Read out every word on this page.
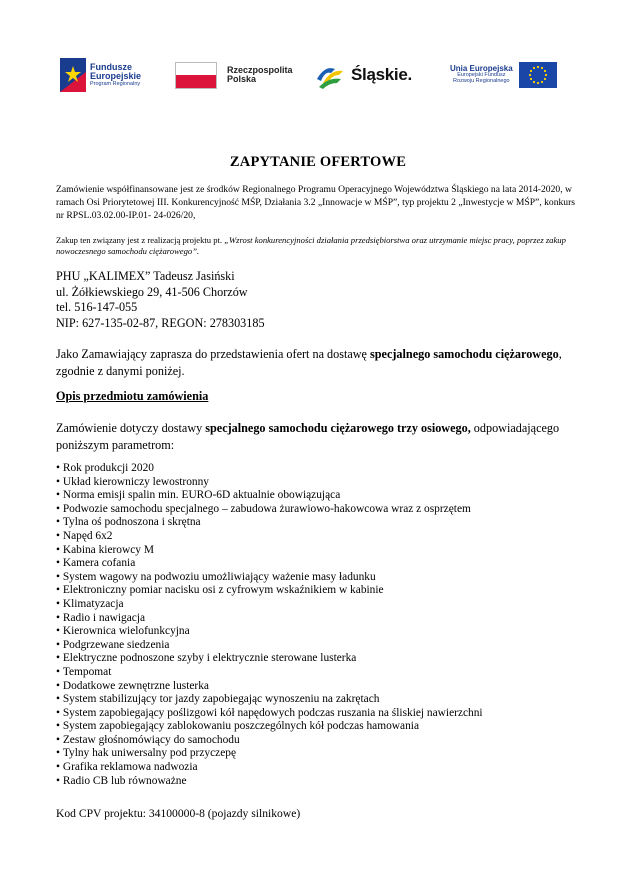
Fundusze
Europejskie
Program Regionalny
Rzeczpospolita
Polska	Śląskie.	Unia Europejska
Europejski Fundusz
Rozwoju Regionalnego
ZAPYTANIE OFERTOWE
Zamówienie współfinansowane jest ze środków Regionalnego Programu Operacyjnego Województwa Śląskiego na lata 2014-2020, w ramach Osi Priorytetowej III. Konkurencyjność MŚP, Działania 3.2 „Innowacje w MŚP”, typ projektu 2 „Inwestycje w MŚP”, konkurs nr RPSL.03.02.00-IP.01- 24-026/20,
Zakup ten związany jest z realizacją projektu pt. „Wzrost konkurencyjności działania przedsiębiorstwa oraz utrzymanie miejsc pracy, poprzez zakup nowoczesnego samochodu ciężarowego”.
PHU „KALIMEX” Tadeusz Jasiński
ul. Żółkiewskiego 29, 41-506 Chorzów
tel. 516-147-055
NIP: 627-135-02-87, REGON: 278303185
Jako Zamawiający zaprasza do przedstawienia ofert na dostawę specjalnego samochodu ciężarowego, zgodnie z danymi poniżej.
Opis przedmiotu zamówienia
Zamówienie dotyczy dostawy specjalnego samochodu ciężarowego trzy osiowego, odpowiadającego poniższym parametrom:
• Rok produkcji 2020
• Układ kierowniczy lewostronny
• Norma emisji spalin min. EURO-6D aktualnie obowiązująca
• Podwozie samochodu specjalnego – zabudowa żurawiowo-hakowcowa wraz z osprzętem
• Tylna oś podnoszona i skrętna
• Napęd 6x2
• Kabina kierowcy M
• Kamera cofania
• System wagowy na podwoziu umożliwiający ważenie masy ładunku
• Elektroniczny pomiar nacisku osi z cyfrowym wskaźnikiem w kabinie
• Klimatyzacja
• Radio i nawigacja
• Kierownica wielofunkcyjna
• Podgrzewane siedzenia
• Elektryczne podnoszone szyby i elektrycznie sterowane lusterka
• Tempomat
• Dodatkowe zewnętrzne lusterka
• System stabilizujący tor jazdy zapobiegając wynoszeniu na zakrętach
• System zapobiegający poślizgowi kół napędowych podczas ruszania na śliskiej nawierzchni
• System zapobiegający zablokowaniu poszczególnych kół podczas hamowania
• Zestaw głośnomówiący do samochodu
• Tylny hak uniwersalny pod przyczepę
• Grafika reklamowa nadwozia
• Radio CB lub równoważne
Kod CPV projektu: 34100000-8 (pojazdy silnikowe)
